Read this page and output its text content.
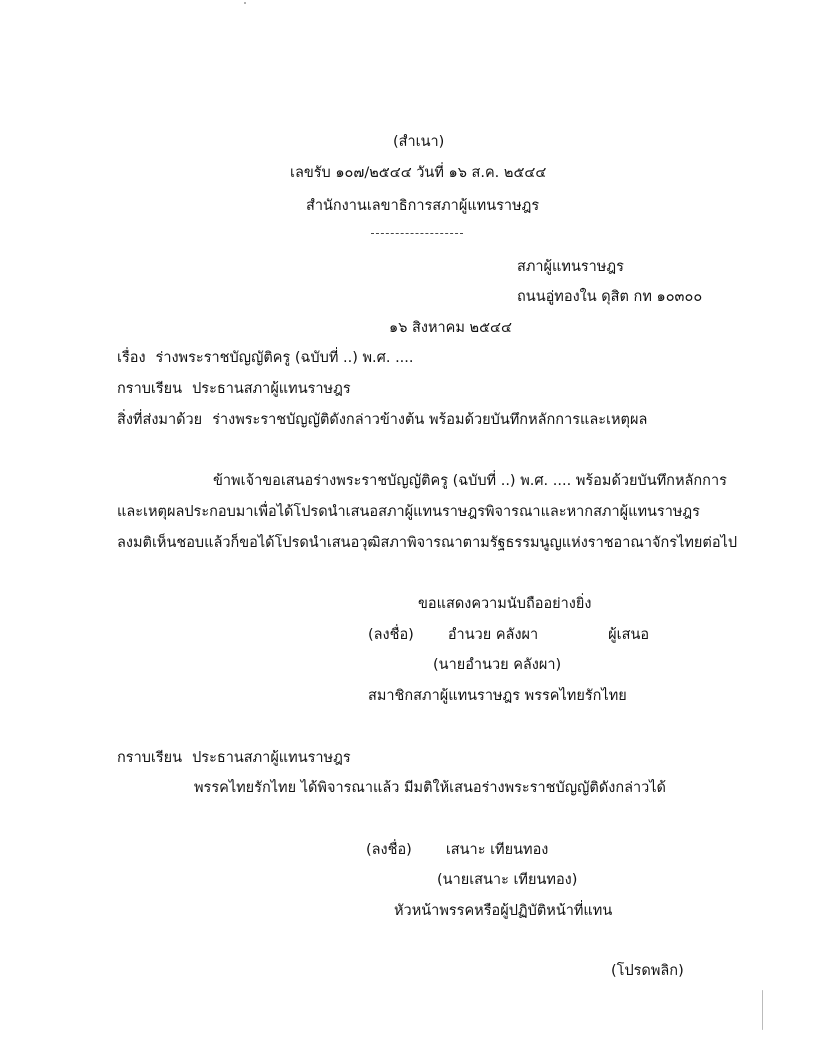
(สำเนา)
เลขรับ ๑๐๗/๒๕๔๔ วันที่ ๑๖ ส.ค. ๒๕๔๔
สำนักงานเลขาธิการสภาผู้แทนราษฎร
สภาผู้แทนราษฎร
ถนนอู่ทองใน ดุสิต กท ๑๐๓๐๐
๑๖ สิงหาคม ๒๕๔๔
เรื่อง ร่างพระราชบัญญัติครู (ฉบับที่ ..) พ.ศ. ....
กราบเรียน ประธานสภาผู้แทนราษฎร
สิ่งที่ส่งมาด้วย ร่างพระราชบัญญัติดังกล่าวข้างต้น พร้อมด้วยบันทึกหลักการและเหตุผล
ข้าพเจ้าขอเสนอร่างพระราชบัญญัติครู (ฉบับที่ ..) พ.ศ. .... พร้อมด้วยบันทึกหลักการ
และเหตุผลประกอบมาเพื่อได้โปรดนำเสนอสภาผู้แทนราษฎรพิจารณาและหากสภาผู้แทนราษฎร
ลงมติเห็นชอบแล้วก็ขอได้โปรดนำเสนอวุฒิสภาพิจารณาตามรัฐธรรมนูญแห่งราชอาณาจักรไทยต่อไป
ขอแสดงความนับถืออย่างยิ่ง
(ลงชื่อ) อำนวย คลังผา	ผู้เสนอ
(นายอำนวย คลังผา)
สมาชิกสภาผู้แทนราษฎร พรรคไทยรักไทย
กราบเรียน ประธานสภาผู้แทนราษฎร
พรรคไทยรักไทย ได้พิจารณาแล้ว มีมติให้เสนอร่างพระราชบัญญัติดังกล่าวได้
(ลงชื่อ) เสนาะ เทียนทอง
(นายเสนาะ เทียนทอง)
หัวหน้าพรรคหรือผู้ปฏิบัติหน้าที่แทน
(โปรดพลิก)
